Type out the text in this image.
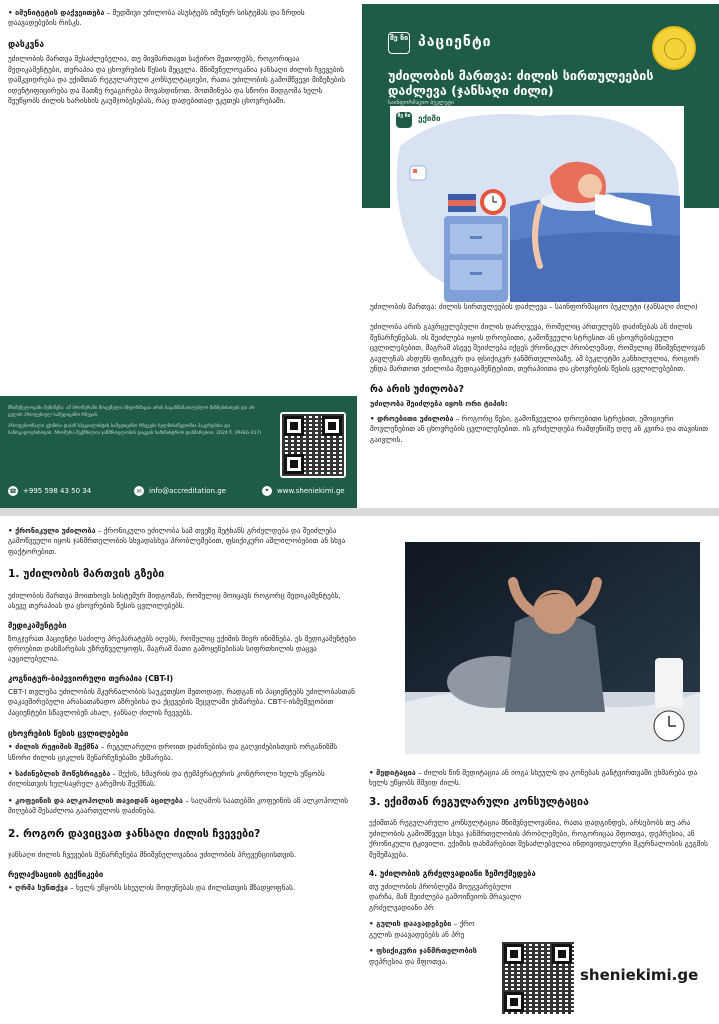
• იმუნიტეტის დაქვეითება – მუდმივი უძილობა ასუსტებს იმუნურ სისტემას და ზრდის დაავადებების რისკს.

დასკვნა

უძილობის მართვა შესაძლებელია, თუ მივმართავთ საჭირო მეთოდებს, როგორიცაა მედიკამენტები, თერაპია და ცხოვრების წესის შეცვლა. მნიშვნელოვანია ჯანსაღი ძილის ჩვევების დამკვიდრება და ექიმთან რეგულარული კონსულტაციები, რათა უძილობის გამომწვევი მიზეზების იდენტიფიცირება და მათზე რეაგირება მოვახდინოთ. მოთმინება და სწორი მიდგომა ხელს შეუწყობს ძილის ხარისხის გაუმჯობესებას, რაც დადებითად უკეთეს ცხოვრებაში.

მნიშვნელოვანი შენიშვნა: ამ ბროშურაში მოცემული ინფორმაცია არის საგანმანათლებლო მიზნებისთვის და არ ცვლის პროფესიულ სამედიცინო რჩევას.

პროფესიონალი ექიმისა და/ან სპეციალისტის სამედიცინო რჩევები ხელმისაწვდომია ჰაკერებისა და საზოგადოებისთვის. ბროშურა შექმნილია ჯანმრთელობის დაცვის სამინისტროს დახმარებით, 2024 წ. (PHEG-017)

☎ +995 598 43 50 34	✉	info@accreditation.ge	⌖	www.sheniekimi.ge
შე ნი პაციენტი
უძილობის მართვა: ძილის სირთულეების დაძლევა (ჯანსაღი ძილი)
საინფორმაციო ბუკლეტი
შე ნი ექიმი

უძილობის მართვა: ძილის სირთულეების დაძლევა – საინფორმაციო ბუკლეტი (ჯანსაღი ძილი)

უძილობა არის გავრცელებული ძილის დარღვევა, რომელიც ართულებს დაძინებას ან ძილის შენარჩუნებას. ის შეიძლება იყოს დროებითი, გამოწვეული სტრესით ან ცხოვრებისეული ცვლილებებით, მაგრამ ასევე შეიძლება იქცეს ქრონიკულ პრობლემად, რომელიც მნიშვნელოვან გავლენას ახდენს ფიზიკურ და ფსიქიკურ ჯანმრთელობაზე. ამ ბუკლეტში განხილულია, როგორ უნდა მართოთ უძილობა მედიკამენტებით, თერაპიითა და ცხოვრების წესის ცვლილებებით.

რა არის უძილობა?

უძილობა შეიძლება იყოს ორი ტიპის:

• დროებითი უძილობა – როგორც წესი, გამოწვეულია დროებითი სტრესით, ემოციური მოვლენებით ან ცხოვრების ცვლილებებით. ის გრძელდება რამდენიმე დღე ან კვირა და თავისით გაივლის.

• ქრონიკული უძილობა – ქრონიკული უძილობა სამ თვეზე მეტხანს გრძელდება და შეიძლება გამოწვეული იყოს ჯანმრთელობის სხვადასხვა პრობლემებით, ფსიქიკური აშლილობებით ან სხვა ფაქტორებით.

1. უძილობის მართვის გზები

უძილობის მართვა მოითხოვს სისტემურ მიდგომას, რომელიც მოიცავს როგორც მედიკამენტებს, ასევე თერაპიას და ცხოვრების წესის ცვლილებებს.

მედიკამენტები

ზოგჯერათ პაციენტი საძილე პრეპარატებს იღებს, რომელიც ექიმის მიერ ინიშნება. ეს მედიკამენტები დროებით დახმარებას უზრუნველყოფს, მაგრამ მათი გამოყენებისას სიფრთხილის დაცვა აუცილებელია.

კოგნიტურ-ბიჰევიორული თერაპია (CBT-I)

CBT-I თვლება უძილობის მკურნალობის საუკეთესო მეთოდად, რადგან ის პაციენტებს უძილობასთან დაკავშირებული არასათანადო აზრებისა და ქცევების შეცვლაში ეხმარება. CBT-I-ისმეშვეობით პაციენტები სწავლობენ ახალ, ჯანსაღ ძილის ჩვევებს.

ცხოვრების წესის ცვლილებები

• ძილის რეჟიმის შექმნა – რეგულარული დროით დაძინებისა და გაღვიძებისთვის ორგანიზმს სწორი ძილის ციკლის შენარჩუნებაში ეხმარება.

• საძინებლის მოწესრიგება – შუქის, ხმაურის და ტემპერატურის კონტროლი ხელს უწყობს ძილისთვის ხელსაყრელ გარემოს შექმნას.

• კოფეინის და ალკოჰოლის თავიდან აცილება – საღამოს საათებში კოფეინის ან ალკოჰოლის მიღებამ შესაძლოა გაართულოს დაძინება.

2. როგორ დავიცვათ ჯანსაღი ძილის ჩვევები?

ჯანსაღი ძილის ჩვევების შენარჩუნება მნიშვნელოვანია უძილობის პრევენციისთვის.

რელაქსაციის ტექნიკები

• ღრმა სუნთქვა – ხელს უწყობს სხეულის მოდუნებას და ძილისთვის მზადყოფნას.

• მედიტაცია – ძილის წინ მედიტაცია ან იოგა სხეულს და გონებას განტვირთვაში ეხმარება და ხელს უწყობს მშვიდ ძილს.

3. ექიმთან რეგულარული კონსულტაცია

ექიმთან რეგულარული კონსულტაცია მნიშვნელოვანია, რათა დადგინდეს, არსებობს თუ არა უძილობის გამომწვევი სხვა ჯანმრთელობის პრობლემები, როგორიცაა შფოთვა, დეპრესია, ან ქრონიკული ტკივილი. ექიმის დახმარებით შესაძლებელია ინდივიდუალური მკურნალობის გეგმის შემუშავება.

4. უძილობის გრძელვადიანი ზემოქმედება

თუ უძილობის პრობლემა მოუგვარებელი დარჩა, მან შეიძლება გამოიწვიოს მრავალი გრძელვადიანი პრ

• გულის დაავადებები – ქრო გულის დაავადებებს ან პრე

• ფსიქიკური ჯანმრთელობის დეპრესია და შფოთვა.

sheniekimi.ge
